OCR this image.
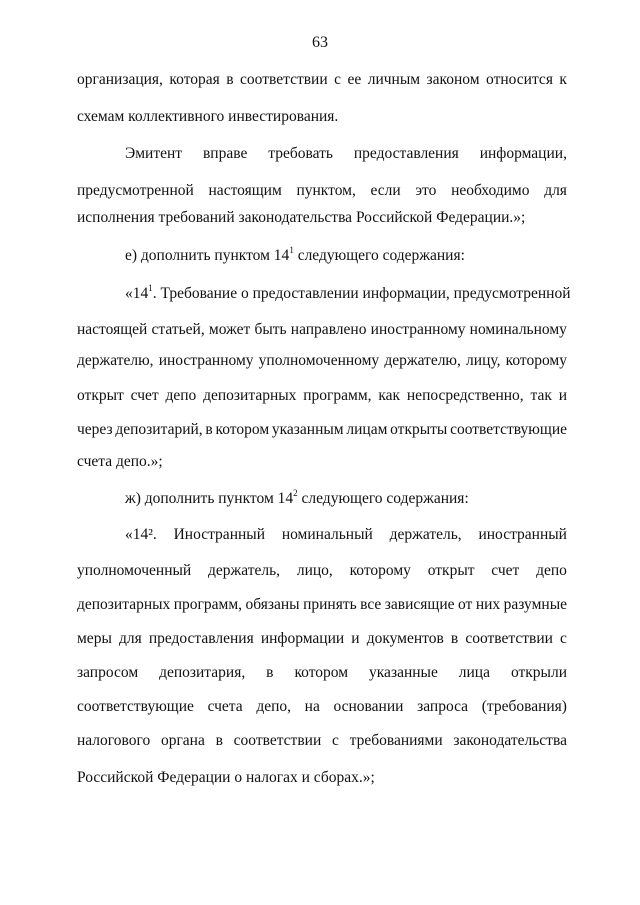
63
организация, которая в соответствии с ее личным законом относится к
схемам коллективного инвестирования.
Эмитент вправе требовать предоставления информации,
предусмотренной настоящим пунктом, если это необходимо для
исполнения требований законодательства Российской Федерации.»;
е) дополнить пунктом $14^1$ следующего содержания:
«$14^1$. Требование о предоставлении информации, предусмотренной
настоящей статьей, может быть направлено иностранному номинальному
держателю, иностранному уполномоченному держателю, лицу, которому
открыт счет депо депозитарных программ, как непосредственно, так и
через депозитарий, в котором указанным лицам открыты соответствующие
счета депо.»;
ж) дополнить пунктом $14^2$ следующего содержания:
«14². Иностранный номинальный держатель, иностранный
уполномоченный держатель, лицо, которому открыт счет депо
депозитарных программ, обязаны принять все зависящие от них разумные
меры для предоставления информации и документов в соответствии с
запросом депозитария, в котором указанные лица открыли
соответствующие счета депо, на основании запроса (требования)
налогового органа в соответствии с требованиями законодательства
Российской Федерации о налогах и сборах.»;
